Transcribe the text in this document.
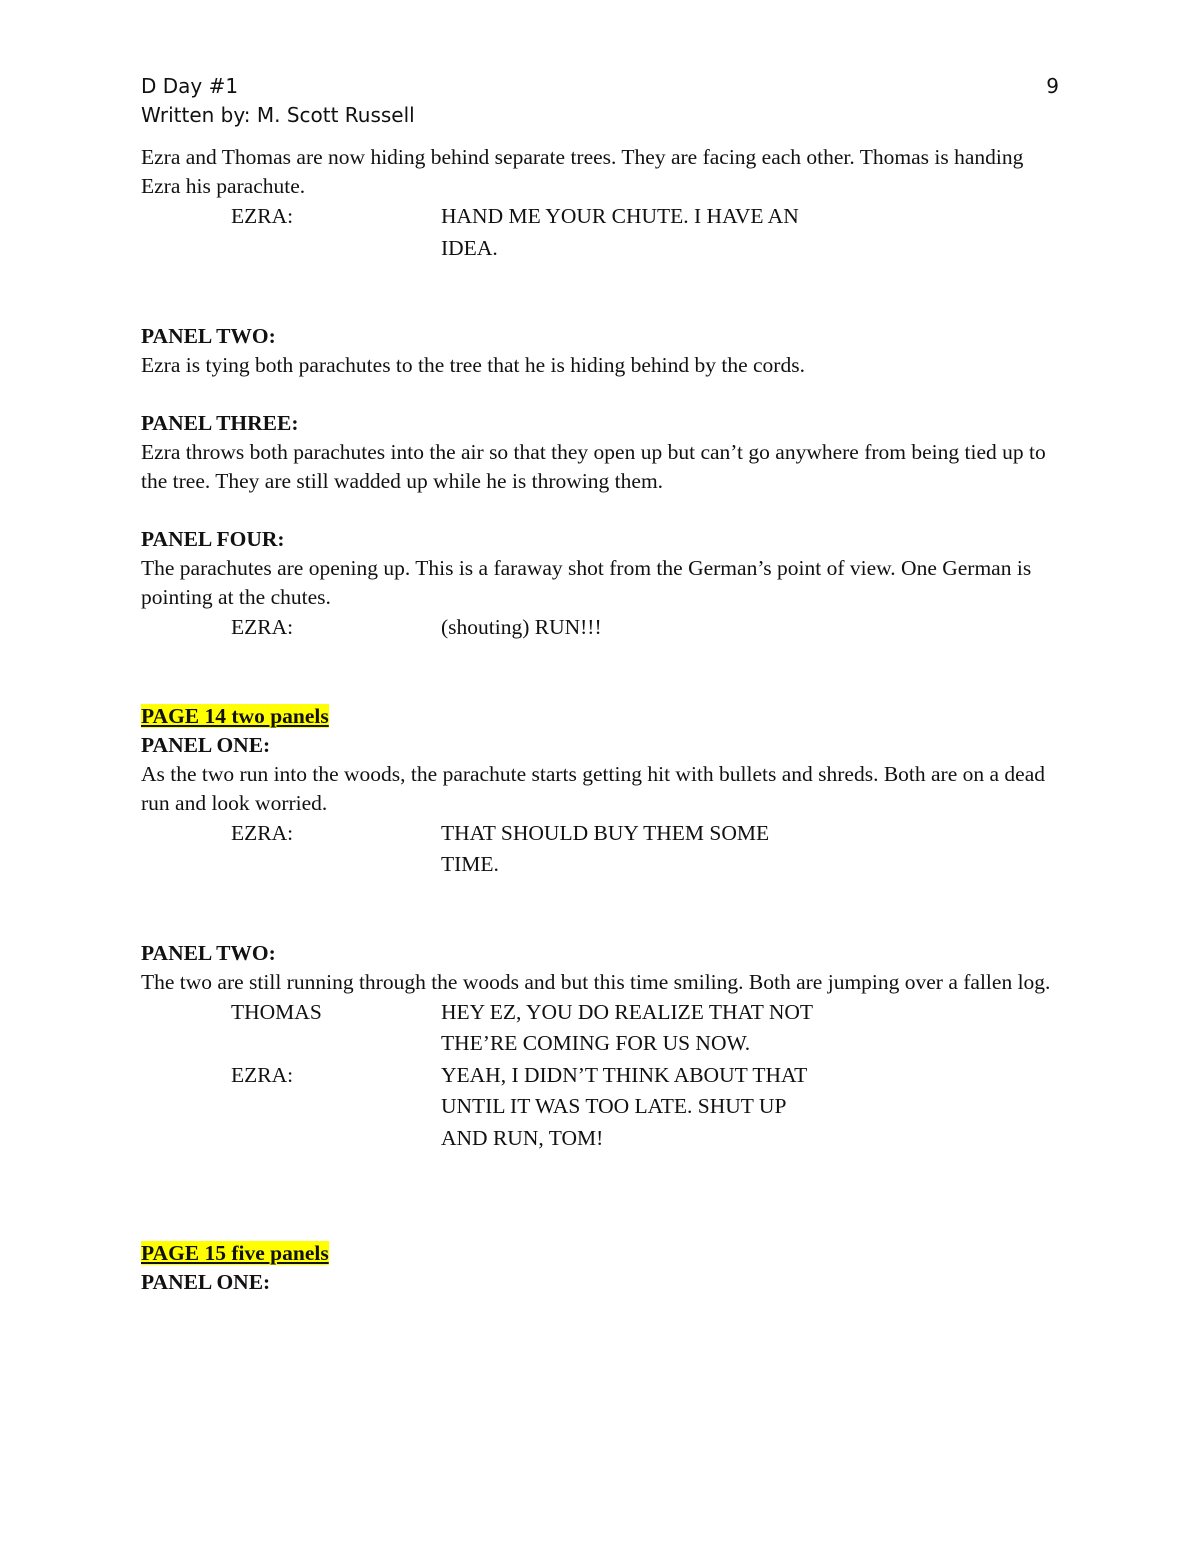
D Day #1	9
Written by: M. Scott Russell

Ezra and Thomas are now hiding behind separate trees. They are facing each other. Thomas is handing Ezra his parachute.

EZRA:	HAND ME YOUR CHUTE. I HAVE AN IDEA.

PANEL TWO:

Ezra is tying both parachutes to the tree that he is hiding behind by the cords.

PANEL THREE:

Ezra throws both parachutes into the air so that they open up but can’t go anywhere from being tied up to the tree. They are still wadded up while he is throwing them.

PANEL FOUR:

The parachutes are opening up. This is a faraway shot from the German’s point of view. One German is pointing at the chutes.

EZRA:	(shouting) RUN!!!

PAGE 14 two panels

PANEL ONE:

As the two run into the woods, the parachute starts getting hit with bullets and shreds. Both are on a dead run and look worried.

EZRA:	THAT SHOULD BUY THEM SOME TIME.

PANEL TWO:

The two are still running through the woods and but this time smiling. Both are jumping over a fallen log.

THOMAS	HEY EZ, YOU DO REALIZE THAT NOT THE’RE COMING FOR US NOW.
EZRA:	YEAH, I DIDN’T THINK ABOUT THAT UNTIL IT WAS TOO LATE. SHUT UP AND RUN, TOM!

PAGE 15 five panels

PANEL ONE:
